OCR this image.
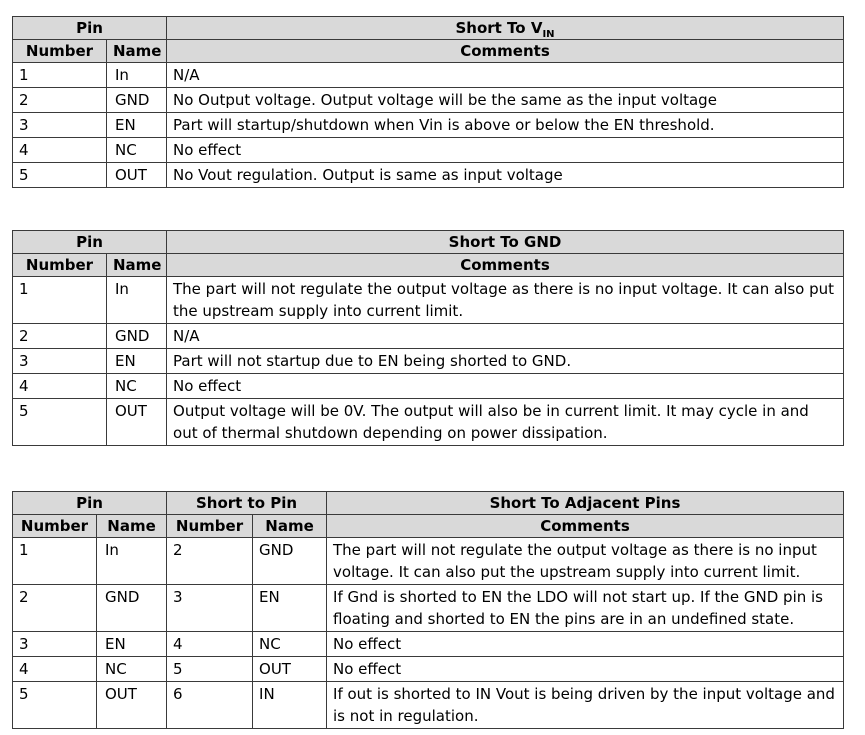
Pin		Short To $V_{IN}$
Number	Name	Comments
1	In	N/A
2	GND	No Output voltage. Output voltage will be the same as the input voltage
3	EN	Part will startup/shutdown when Vin is above or below the EN threshold.
4	NC	No effect
5	OUT	No Vout regulation. Output is same as input voltage
Pin		Short To GND
Number	Name	Comments
1	In	The part will not regulate the output voltage as there is no input voltage. It can also put the upstream supply into current limit.
2	GND	N/A
3	EN	Part will not startup due to EN being shorted to GND.
4	NC	No effect
5	OUT	Output voltage will be 0V. The output will also be in current limit. It may cycle in and out of thermal shutdown depending on power dissipation.
Pin		Short to Pin		Short To Adjacent Pins
Number	Name	Number	Name	Comments
1	In	2	GND	The part will not regulate the output voltage as there is no input voltage. It can also put the upstream supply into current limit.
2	GND	3	EN	If Gnd is shorted to EN the LDO will not start up. If the GND pin is floating and shorted to EN the pins are in an undefined state.
3	EN	4	NC	No effect
4	NC	5	OUT	No effect
5	OUT	6	IN	If out is shorted to IN Vout is being driven by the input voltage and is not in regulation.
